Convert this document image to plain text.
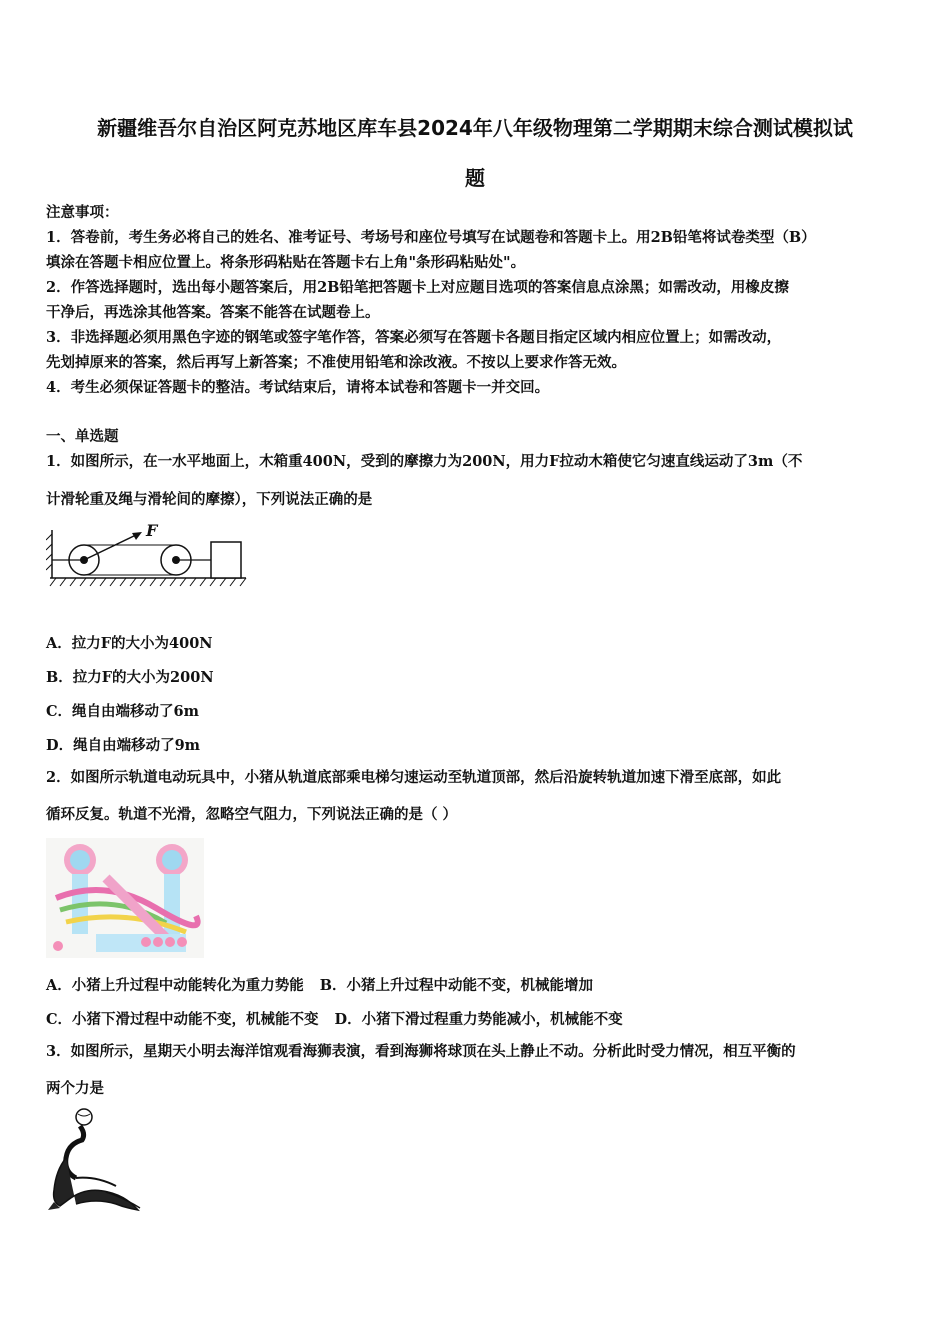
新疆维吾尔自治区阿克苏地区库车县2024年八年级物理第二学期期末综合测试模拟试
题
注意事项：
1．答卷前，考生务必将自己的姓名、准考证号、考场号和座位号填写在试题卷和答题卡上。用2B铅笔将试卷类型（B）
填涂在答题卡相应位置上。将条形码粘贴在答题卡右上角"条形码粘贴处"。
2．作答选择题时，选出每小题答案后，用2B铅笔把答题卡上对应题目选项的答案信息点涂黑；如需改动，用橡皮擦
干净后，再选涂其他答案。答案不能答在试题卷上。
3．非选择题必须用黑色字迹的钢笔或签字笔作答，答案必须写在答题卡各题目指定区域内相应位置上；如需改动，
先划掉原来的答案，然后再写上新答案；不准使用铅笔和涂改液。不按以上要求作答无效。
4．考生必须保证答题卡的整洁。考试结束后，请将本试卷和答题卡一并交回。
一、单选题
1．如图所示，在一水平地面上，木箱重400N，受到的摩擦力为200N，用力F拉动木箱使它匀速直线运动了3m（不
计滑轮重及绳与滑轮间的摩擦），下列说法正确的是
F
A．拉力F的大小为400N
B．拉力F的大小为200N
C．绳自由端移动了6m
D．绳自由端移动了9m
2．如图所示轨道电动玩具中，小猪从轨道底部乘电梯匀速运动至轨道顶部，然后沿旋转轨道加速下滑至底部，如此
循环反复。轨道不光滑，忽略空气阻力，下列说法正确的是（ ）
A．小猪上升过程中动能转化为重力势能 B．小猪上升过程中动能不变，机械能增加
C．小猪下滑过程中动能不变，机械能不变 D．小猪下滑过程重力势能减小，机械能不变
3．如图所示，星期天小明去海洋馆观看海狮表演，看到海狮将球顶在头上静止不动。分析此时受力情况，相互平衡的
两个力是
